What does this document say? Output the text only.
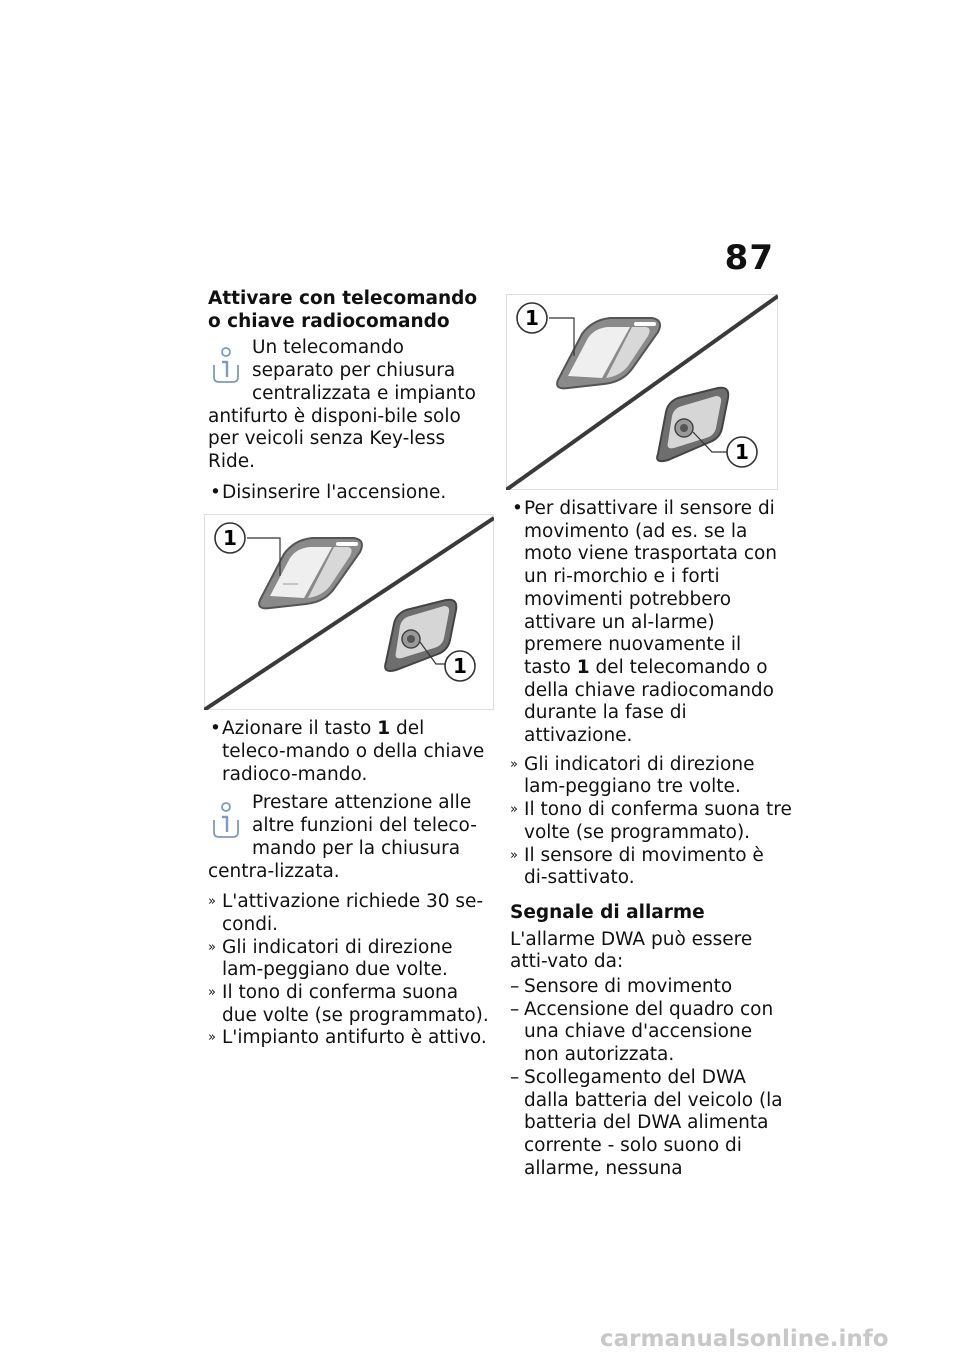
87
Attivare con telecomando o chiave radiocomando
Un telecomando separato per chiusura centralizzata e impianto antifurto è disponi-bile solo per veicoli senza Key-less Ride.
• Disinserire l'accensione.
1
1
• Azionare il tasto 1 del teleco-mando o della chiave radioco-mando.
Prestare attenzione alle altre funzioni del teleco-mando per la chiusura centra-lizzata.
» L'attivazione richiede 30 se-condi.
» Gli indicatori di direzione lam-peggiano due volte.
» Il tono di conferma suona due volte (se programmato).
» L'impianto antifurto è attivo.
1
1
• Per disattivare il sensore di movimento (ad es. se la moto viene trasportata con un ri-morchio e i forti movimenti potrebbero attivare un al-larme) premere nuovamente il tasto 1 del telecomando o della chiave radiocomando durante la fase di attivazione.
» Gli indicatori di direzione lam-peggiano tre volte.
» Il tono di conferma suona tre volte (se programmato).
» Il sensore di movimento è di-sattivato.
Segnale di allarme
L'allarme DWA può essere atti-vato da:
– Sensore di movimento
– Accensione del quadro con una chiave d'accensione non autorizzata.
– Scollegamento del DWA dalla batteria del veicolo (la batteria del DWA alimenta corrente - solo suono di allarme, nessuna
carmanualsonline.info
